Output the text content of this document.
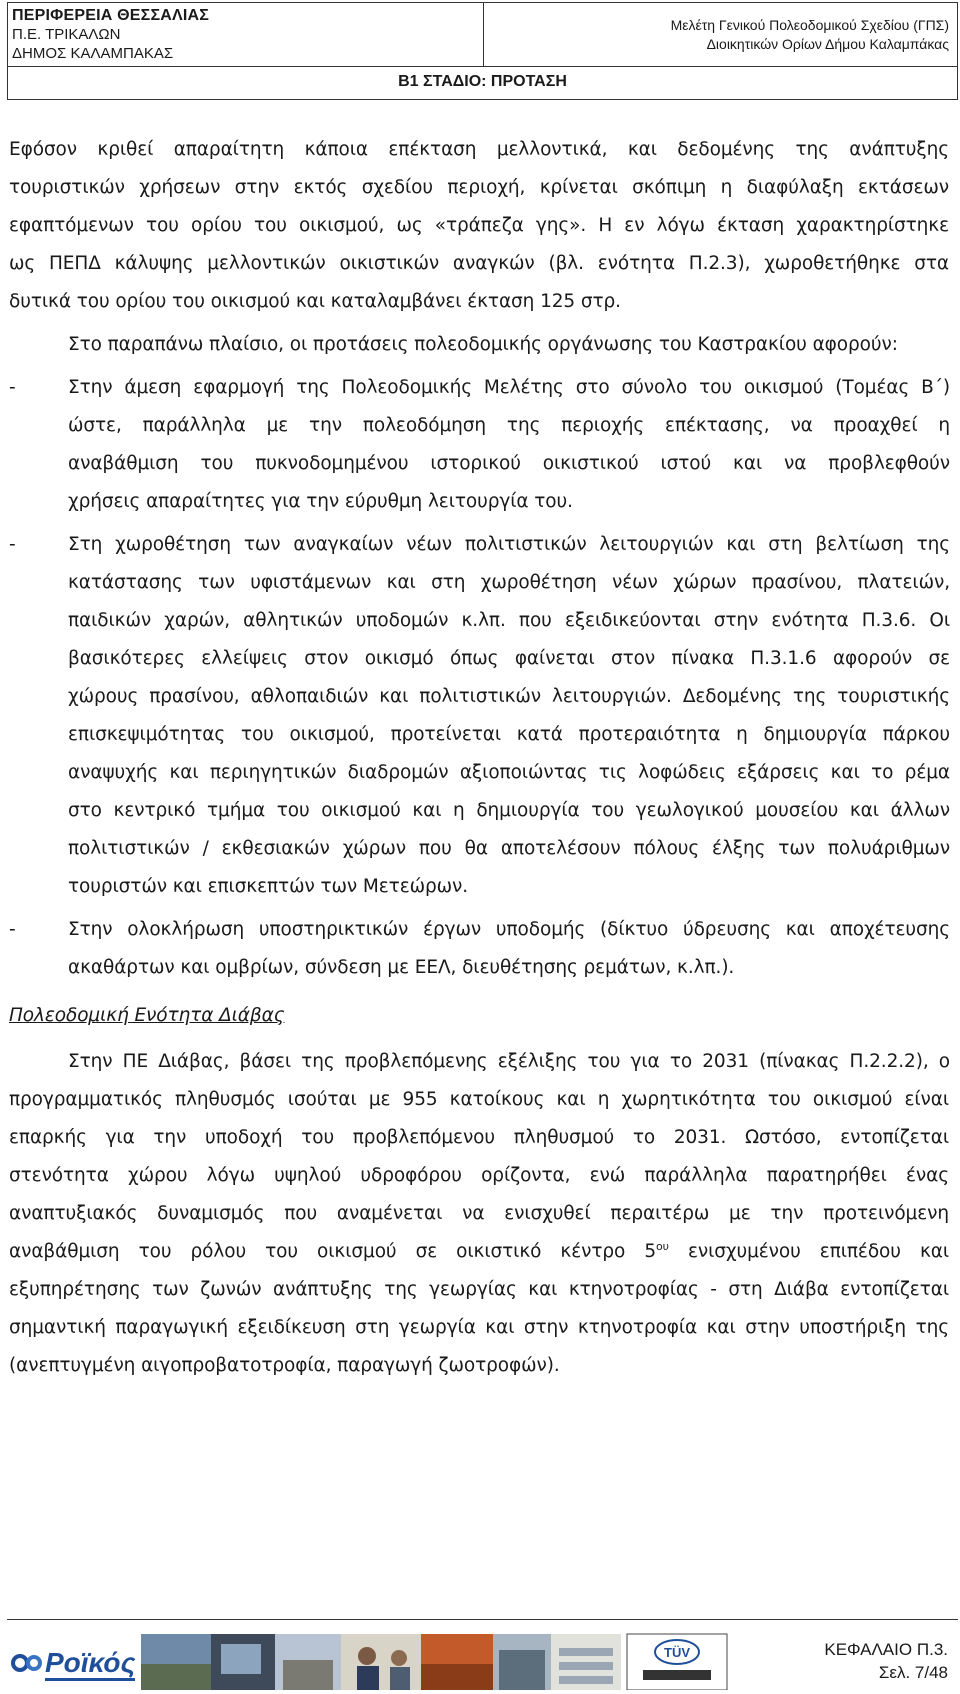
ΠΕΡΙΦΕΡΕΙΑ ΘΕΣΣΑΛΙΑΣ
Π.Ε. ΤΡΙΚΑΛΩΝ
ΔΗΜΟΣ ΚΑΛΑΜΠΑΚΑΣ
Μελέτη Γενικού Πολεοδομικού Σχεδίου (ΓΠΣ)
Διοικητικών Ορίων Δήμου Καλαμπάκας
Β1 ΣΤΑΔΙΟ: ΠΡΟΤΑΣΗ
Εφόσον κριθεί απαραίτητη κάποια επέκταση μελλοντικά, και δεδομένης της ανάπτυξης
τουριστικών χρήσεων στην εκτός σχεδίου περιοχή, κρίνεται σκόπιμη η διαφύλαξη εκτάσεων
εφαπτόμενων του ορίου του οικισμού, ως «τράπεζα γης». Η εν λόγω έκταση χαρακτηρίστηκε
ως ΠΕΠΔ κάλυψης μελλοντικών οικιστικών αναγκών (βλ. ενότητα Π.2.3), χωροθετήθηκε στα
δυτικά του ορίου του οικισμού και καταλαμβάνει έκταση 125 στρ.
Στο παραπάνω πλαίσιο, οι προτάσεις πολεοδομικής οργάνωσης του Καστρακίου αφορούν:
-	Στην άμεση εφαρμογή της Πολεοδομικής Μελέτης στο σύνολο του οικισμού (Τομέας Β΄)
ώστε, παράλληλα με την πολεοδόμηση της περιοχής επέκτασης, να προαχθεί η
αναβάθμιση του πυκνοδομημένου ιστορικού οικιστικού ιστού και να προβλεφθούν
χρήσεις απαραίτητες για την εύρυθμη λειτουργία του.
-	Στη χωροθέτηση των αναγκαίων νέων πολιτιστικών λειτουργιών και στη βελτίωση της
κατάστασης των υφιστάμενων και στη χωροθέτηση νέων χώρων πρασίνου, πλατειών,
παιδικών χαρών, αθλητικών υποδομών κ.λπ. που εξειδικεύονται στην ενότητα Π.3.6. Οι
βασικότερες ελλείψεις στον οικισμό όπως φαίνεται στον πίνακα Π.3.1.6 αφορούν σε
χώρους πρασίνου, αθλοπαιδιών και πολιτιστικών λειτουργιών. Δεδομένης της τουριστικής
επισκεψιμότητας του οικισμού, προτείνεται κατά προτεραιότητα η δημιουργία πάρκου
αναψυχής και περιηγητικών διαδρομών αξιοποιώντας τις λοφώδεις εξάρσεις και το ρέμα
στο κεντρικό τμήμα του οικισμού και η δημιουργία του γεωλογικού μουσείου και άλλων
πολιτιστικών / εκθεσιακών χώρων που θα αποτελέσουν πόλους έλξης των πολυάριθμων
τουριστών και επισκεπτών των Μετεώρων.
-	Στην ολοκλήρωση υποστηρικτικών έργων υποδομής (δίκτυο ύδρευσης και αποχέτευσης
ακαθάρτων και ομβρίων, σύνδεση με ΕΕΛ, διευθέτησης ρεμάτων, κ.λπ.).
Πολεοδομική Ενότητα Διάβας
Στην ΠΕ Διάβας, βάσει της προβλεπόμενης εξέλιξης του για το 2031 (πίνακας Π.2.2.2), ο
προγραμματικός πληθυσμός ισούται με 955 κατοίκους και η χωρητικότητα του οικισμού είναι
επαρκής για την υποδοχή του προβλεπόμενου πληθυσμού το 2031. Ωστόσο, εντοπίζεται
στενότητα χώρου λόγω υψηλού υδροφόρου ορίζοντα, ενώ παράλληλα παρατηρήθει ένας
αναπτυξιακός δυναμισμός που αναμένεται να ενισχυθεί περαιτέρω με την προτεινόμενη
αναβάθμιση του ρόλου του οικισμού σε οικιστικό κέντρο $5^{o\upsilon}$ ενισχυμένου επιπέδου και
εξυπηρέτησης των ζωνών ανάπτυξης της γεωργίας και κτηνοτροφίας - στη Διάβα εντοπίζεται
σημαντική παραγωγική εξειδίκευση στη γεωργία και στην κτηνοτροφία και στην υποστήριξη της
(ανεπτυγμένη αιγοπροβατοτροφία, παραγωγή ζωοτροφών).
Ροϊκός	TÜV	ΚΕΦΑΛΑΙΟ Π.3.
Σελ. 7/48
